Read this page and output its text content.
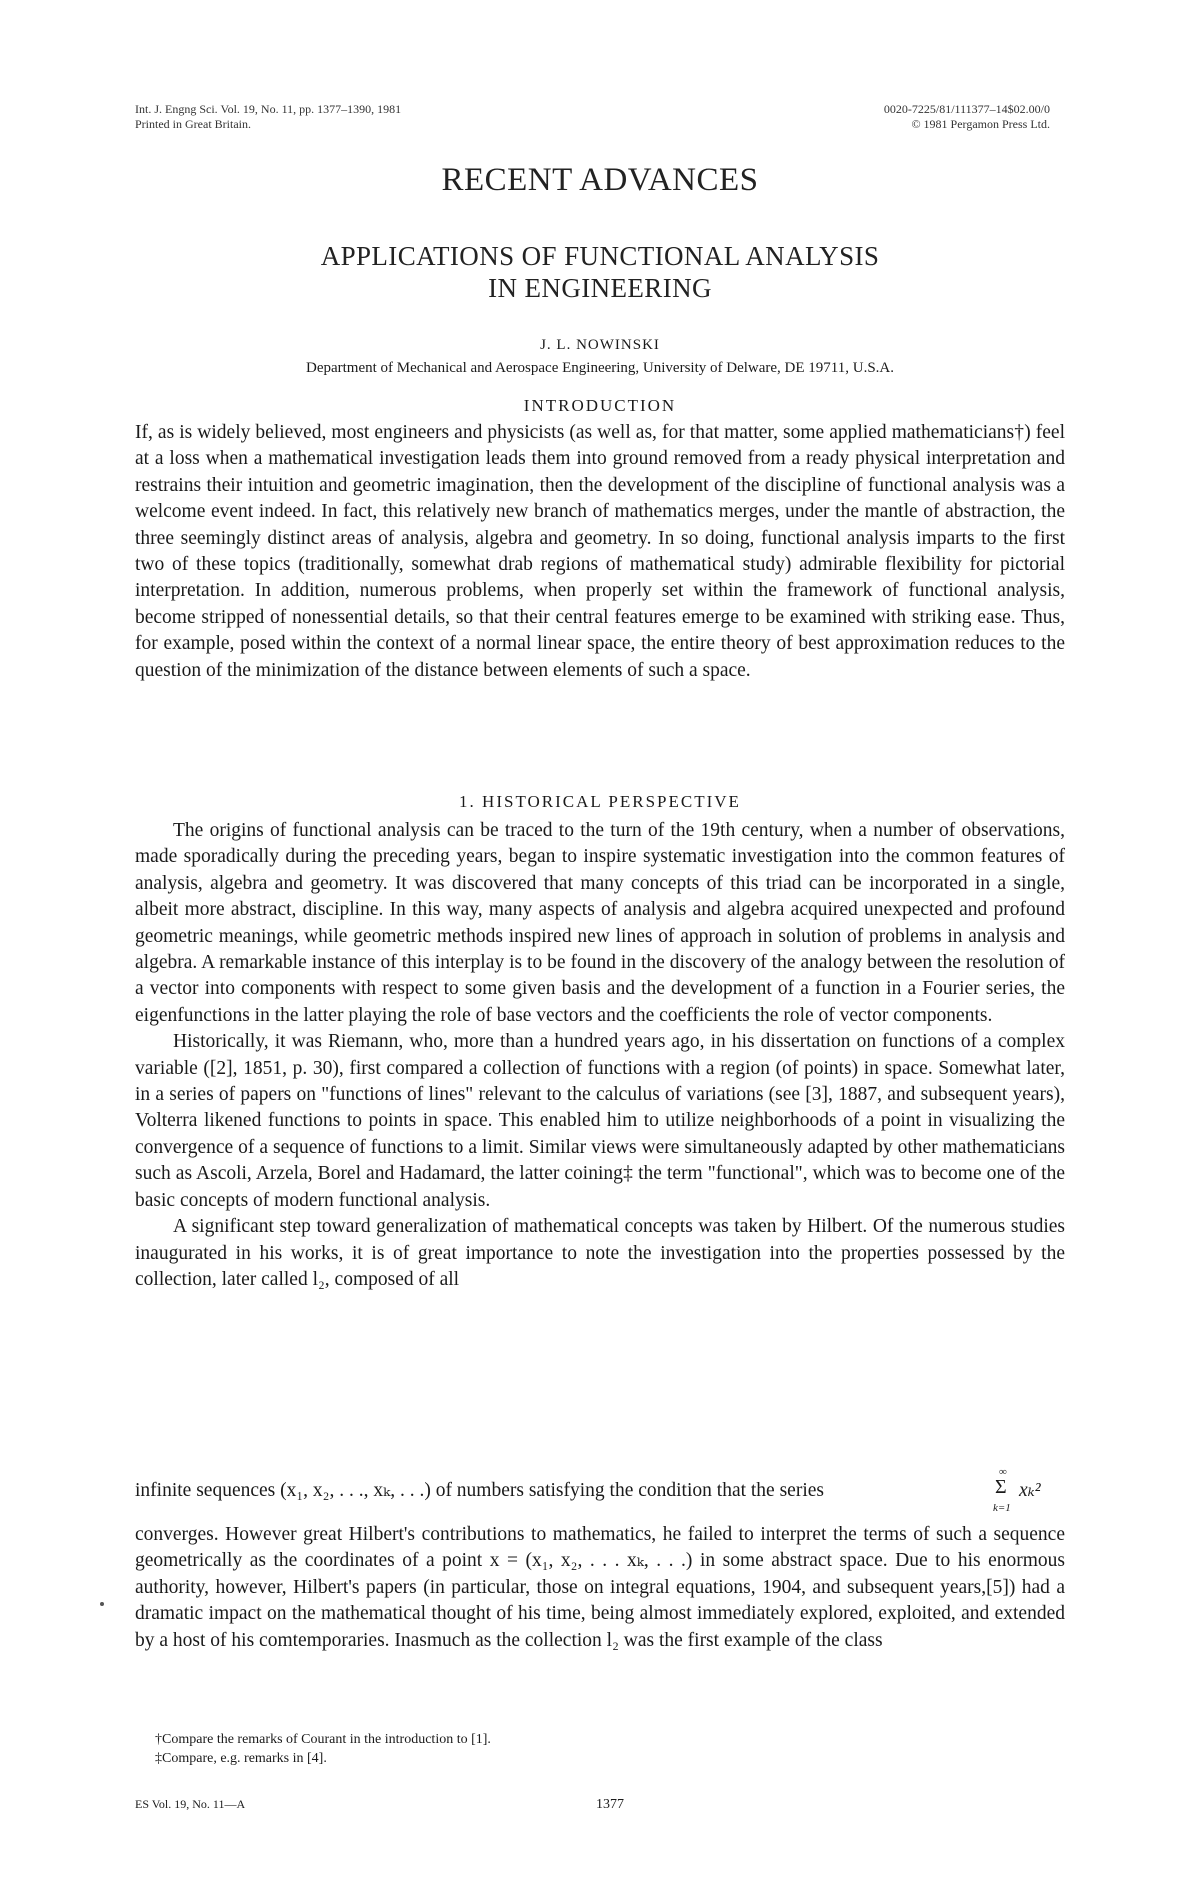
Int. J. Engng Sci. Vol. 19, No. 11, pp. 1377–1390, 1981
Printed in Great Britain.
0020-7225/81/111377–14$02.00/0
© 1981 Pergamon Press Ltd.
RECENT ADVANCES
APPLICATIONS OF FUNCTIONAL ANALYSIS
IN ENGINEERING
J. L. NOWINSKI
Department of Mechanical and Aerospace Engineering, University of Delware, DE 19711, U.S.A.
INTRODUCTION

If, as is widely believed, most engineers and physicists (as well as, for that matter, some applied mathematicians†) feel at a loss when a mathematical investigation leads them into ground removed from a ready physical interpretation and restrains their intuition and geometric imagination, then the development of the discipline of functional analysis was a welcome event indeed. In fact, this relatively new branch of mathematics merges, under the mantle of abstraction, the three seemingly distinct areas of analysis, algebra and geometry. In so doing, functional analysis imparts to the first two of these topics (traditionally, somewhat drab regions of mathematical study) admirable flexibility for pictorial interpretation. In addition, numerous problems, when properly set within the framework of functional analysis, become stripped of nonessential details, so that their central features emerge to be examined with striking ease. Thus, for example, posed within the context of a normal linear space, the entire theory of best approximation reduces to the question of the minimization of the distance between elements of such a space.

1. HISTORICAL PERSPECTIVE

The origins of functional analysis can be traced to the turn of the 19th century, when a number of observations, made sporadically during the preceding years, began to inspire systematic investigation into the common features of analysis, algebra and geometry. It was discovered that many concepts of this triad can be incorporated in a single, albeit more abstract, discipline. In this way, many aspects of analysis and algebra acquired unexpected and profound geometric meanings, while geometric methods inspired new lines of approach in solution of problems in analysis and algebra. A remarkable instance of this interplay is to be found in the discovery of the analogy between the resolution of a vector into components with respect to some given basis and the development of a function in a Fourier series, the eigenfunctions in the latter playing the role of base vectors and the coefficients the role of vector components.

Historically, it was Riemann, who, more than a hundred years ago, in his dissertation on functions of a complex variable ([2], 1851, p. 30), first compared a collection of functions with a region (of points) in space. Somewhat later, in a series of papers on "functions of lines" relevant to the calculus of variations (see [3], 1887, and subsequent years), Volterra likened functions to points in space. This enabled him to utilize neighborhoods of a point in visualizing the convergence of a sequence of functions to a limit. Similar views were simultaneously adapted by other mathematicians such as Ascoli, Arzela, Borel and Hadamard, the latter coining‡ the term "functional", which was to become one of the basic concepts of modern functional analysis.

A significant step toward generalization of mathematical concepts was taken by Hilbert. Of the numerous studies inaugurated in his works, it is of great importance to note the investigation into the properties possessed by the collection, later called l₂, composed of all

infinite sequences (x₁, x₂, . . ., xₖ, . . .) of numbers satisfying the condition that the series
∞
Σ xₖ²
k=1

converges. However great Hilbert's contributions to mathematics, he failed to interpret the terms of such a sequence geometrically as the coordinates of a point x = (x₁, x₂, . . . xₖ, . . .) in some abstract space. Due to his enormous authority, however, Hilbert's papers (in particular, those on integral equations, 1904, and subsequent years,[5]) had a dramatic impact on the mathematical thought of his time, being almost immediately explored, exploited, and extended by a host of his comtemporaries. Inasmuch as the collection l₂ was the first example of the class

†Compare the remarks of Courant in the introduction to [1].
‡Compare, e.g. remarks in [4].
ES Vol. 19, No. 11—A	1377
